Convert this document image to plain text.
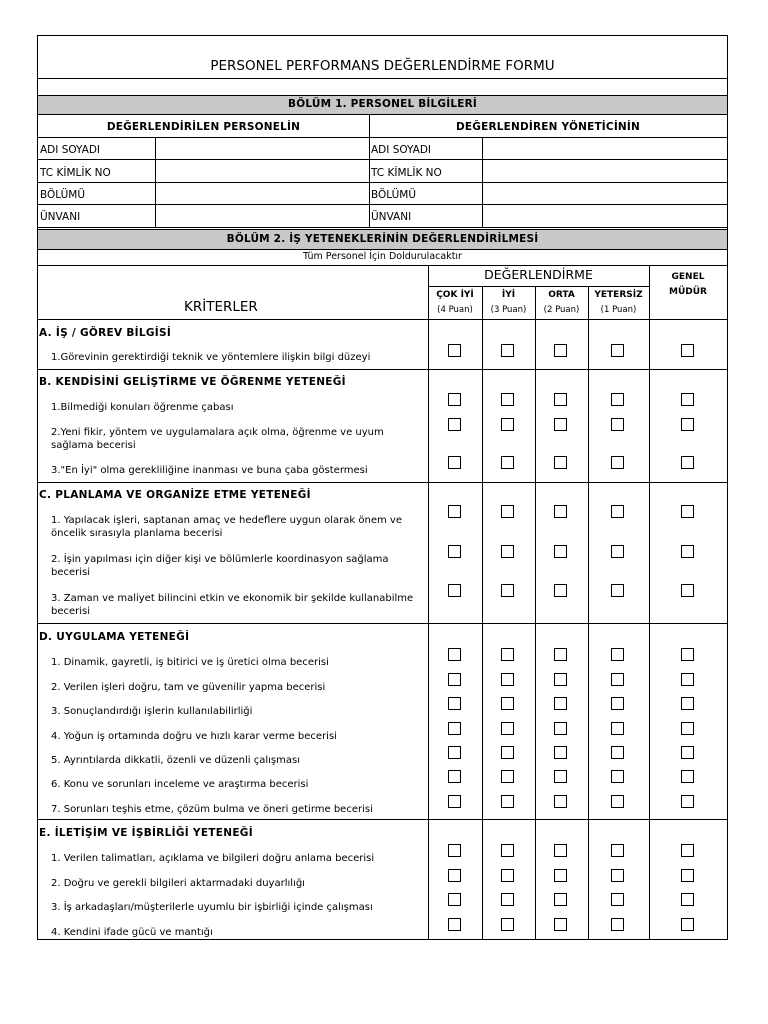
PERSONEL PERFORMANS DEĞERLENDİRME FORMU
BÖLÜM 1. PERSONEL BİLGİLERİ
DEĞERLENDİRİLEN PERSONELİN	DEĞERLENDİREN YÖNETİCİNİN
ADI SOYADI
TC KİMLİK NO
BÖLÜMÜ
ÜNVANI
ADI SOYADI
TC KİMLİK NO
BÖLÜMÜ
ÜNVANI
BÖLÜM 2. İŞ YETENEKLERİNİN DEĞERLENDİRİLMESİ
Tüm Personel İçin Doldurulacaktır
KRİTERLER
DEĞERLENDİRME
ÇOK İYİ
(4 Puan)
İYİ
(3 Puan)
ORTA
(2 Puan)
YETERSİZ
(1 Puan)
GENEL
MÜDÜR
A. İŞ / GÖREV BİLGİSİ
B. KENDİSİNİ GELİŞTİRME VE ÖĞRENME YETENEĞİ
C. PLANLAMA VE ORGANİZE ETME YETENEĞİ
D. UYGULAMA YETENEĞİ
E. İLETİŞİM VE İŞBİRLİĞİ YETENEĞİ
1.Görevinin gerektirdiği teknik ve yöntemlere ilişkin bilgi düzeyi
1.Bilmediği konuları öğrenme çabası
2.Yeni fikir, yöntem ve uygulamalara açık olma, öğrenme ve uyum sağlama becerisi
3."En İyi" olma gerekliliğine inanması ve buna çaba göstermesi
1. Yapılacak işleri, saptanan amaç ve hedeflere uygun olarak önem ve öncelik sırasıyla planlama becerisi
2. İşin yapılması için diğer kişi ve bölümlerle koordinasyon sağlama becerisi
3. Zaman ve maliyet bilincini etkin ve ekonomik bir şekilde kullanabilme becerisi
1. Dinamik, gayretli, iş bitirici ve iş üretici olma becerisi
2. Verilen işleri doğru, tam ve güvenilir yapma becerisi
3. Sonuçlandırdığı işlerin kullanılabilirliği
4. Yoğun iş ortamında doğru ve hızlı karar verme becerisi
5. Ayrıntılarda dikkatli, özenli ve düzenli çalışması
6. Konu ve sorunları inceleme ve araştırma becerisi
7. Sorunları teşhis etme, çözüm bulma ve öneri getirme becerisi
1. Verilen talimatları, açıklama ve bilgileri doğru anlama becerisi
2. Doğru ve gerekli bilgileri aktarmadaki duyarlılığı
3. İş arkadaşları/müşterilerle uyumlu bir işbirliği içinde çalışması
4. Kendini ifade gücü ve mantığı
